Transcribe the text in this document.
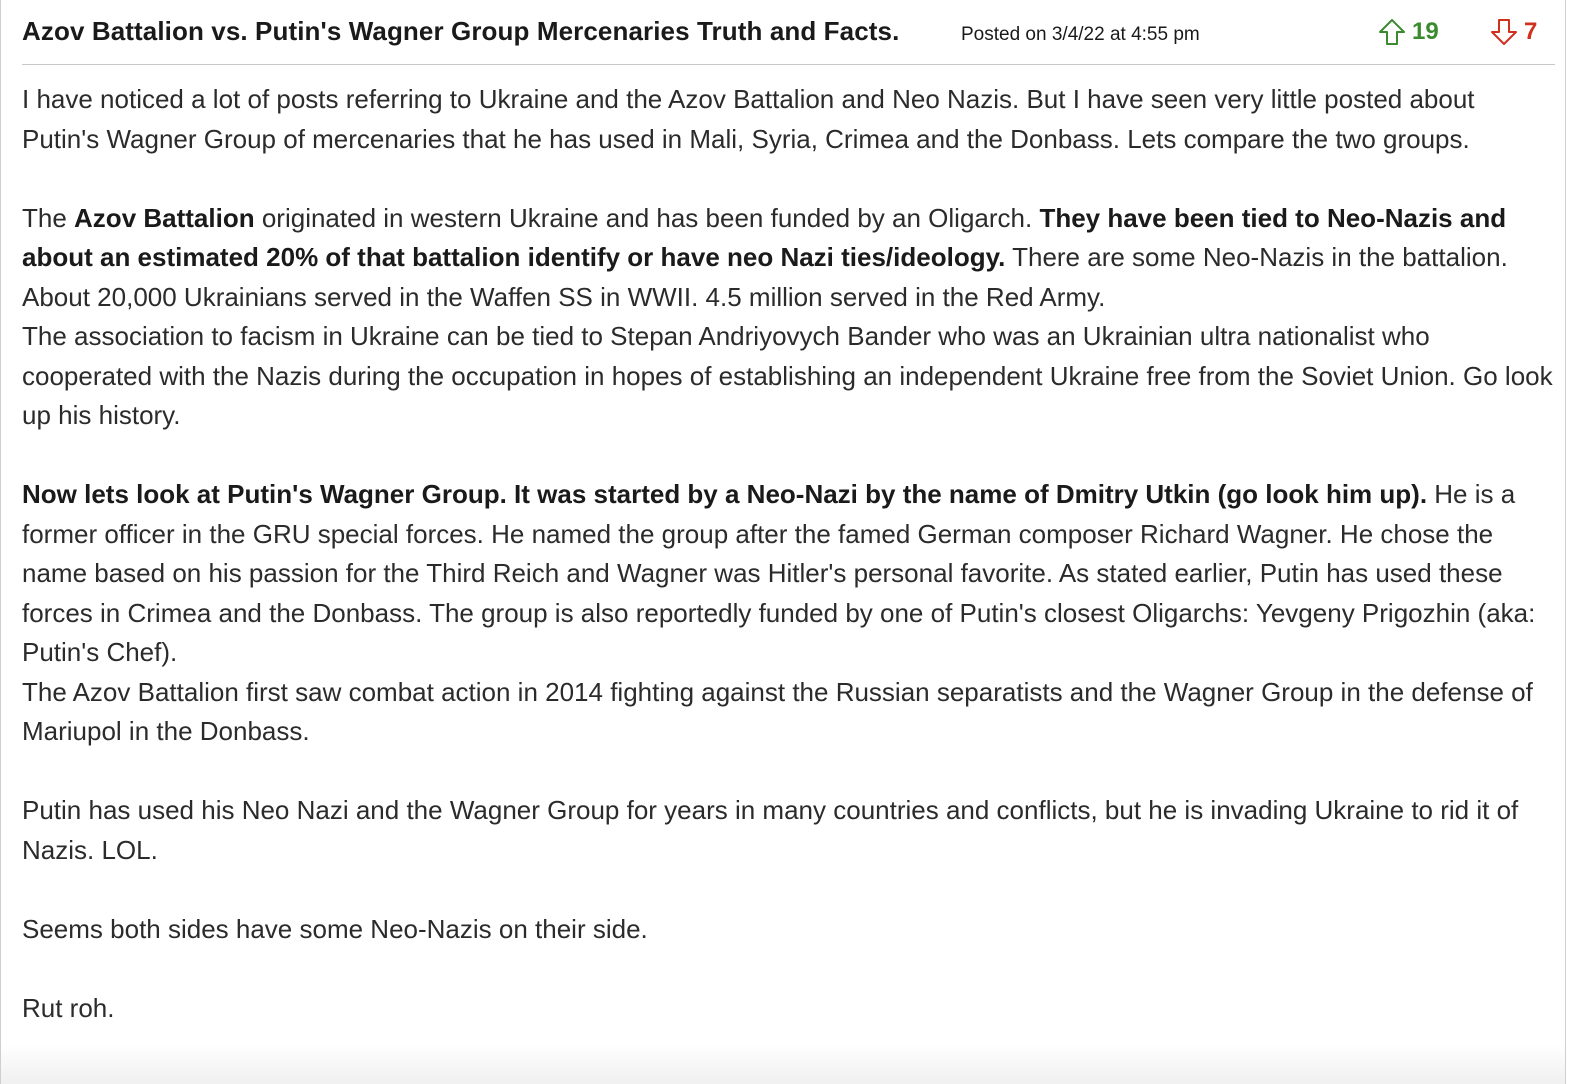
Azov Battalion vs. Putin's Wagner Group Mercenaries Truth and Facts.	Posted on 3/4/22 at 4:55 pm	19	7

I have noticed a lot of posts referring to Ukraine and the Azov Battalion and Neo Nazis. But I have seen very little posted about Putin's Wagner Group of mercenaries that he has used in Mali, Syria, Crimea and the Donbass. Lets compare the two groups.

The Azov Battalion originated in western Ukraine and has been funded by an Oligarch. They have been tied to Neo-Nazis and about an estimated 20% of that battalion identify or have neo Nazi ties/ideology. There are some Neo-Nazis in the battalion. About 20,000 Ukrainians served in the Waffen SS in WWII. 4.5 million served in the Red Army.

The association to facism in Ukraine can be tied to Stepan Andriyovych Bander who was an Ukrainian ultra nationalist who cooperated with the Nazis during the occupation in hopes of establishing an independent Ukraine free from the Soviet Union. Go look up his history.

Now lets look at Putin's Wagner Group. It was started by a Neo-Nazi by the name of Dmitry Utkin (go look him up). He is a former officer in the GRU special forces. He named the group after the famed German composer Richard Wagner. He chose the name based on his passion for the Third Reich and Wagner was Hitler's personal favorite. As stated earlier, Putin has used these forces in Crimea and the Donbass. The group is also reportedly funded by one of Putin's closest Oligarchs: Yevgeny Prigozhin (aka: Putin's Chef).

The Azov Battalion first saw combat action in 2014 fighting against the Russian separatists and the Wagner Group in the defense of Mariupol in the Donbass.

Putin has used his Neo Nazi and the Wagner Group for years in many countries and conflicts, but he is invading Ukraine to rid it of Nazis. LOL.

Seems both sides have some Neo-Nazis on their side.

Rut roh.
